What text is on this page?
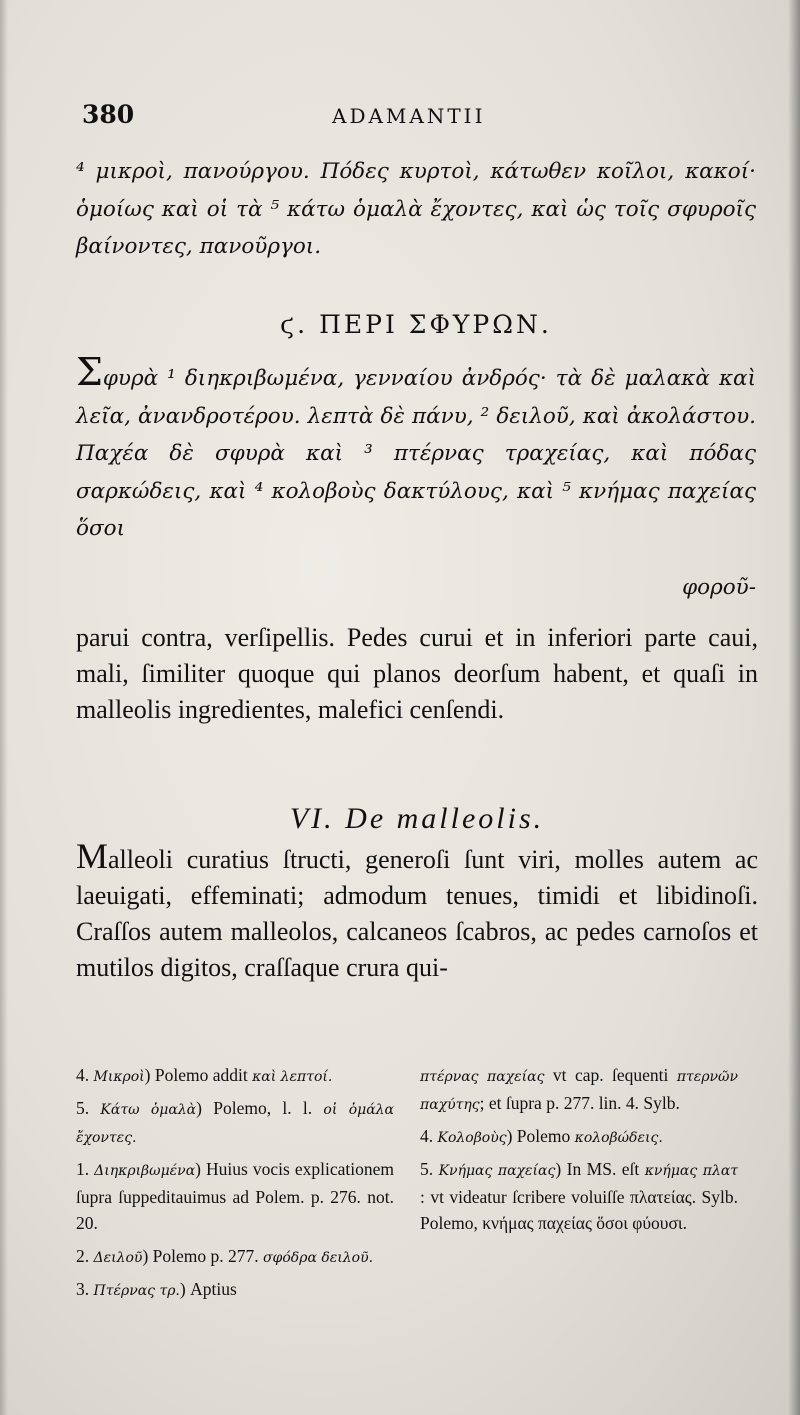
380	ADAMANTII

⁴ μικροὶ, πανούργου. Πόδες κυρτοὶ, κάτωθεν κοῖλοι, κακοί· ὁμοίως καὶ οἱ τὰ ⁵ κάτω ὁμαλὰ ἔχοντες, καὶ ὡς τοῖς σφυροῖς βαίνοντες, πανοῦργοι.

ϛ. ΠΕΡΙ ΣΦΥΡΩΝ.

Σφυρὰ ¹ διηκριβωμένα, γενναίου ἀνδρός· τὰ δὲ μαλακὰ καὶ λεῖα, ἀνανδροτέρου. λεπτὰ δὲ πάνυ, ² δειλοῦ, καὶ ἀκολάστου. Παχέα δὲ σφυρὰ καὶ ³ πτέρνας τραχείας, καὶ πόδας σαρκώδεις, καὶ ⁴ κολοβοὺς δακτύλους, καὶ ⁵ κνήμας παχείας ὅσοι

φοροῦ-

parui contra, verſipellis. Pedes curui et in inferiori parte caui, mali, ſimiliter quoque qui planos deorſum habent, et quaſi in malleolis ingredientes, malefici cenſendi.

VI. De malleolis.

Malleoli curatius ſtructi, generoſi ſunt viri, molles autem ac laeuigati, effeminati; admodum tenues, timidi et libidinoſi. Craſſos autem malleolos, calcaneos ſcabros, ac pedes carnoſos et mutilos digitos, craſſaque crura qui-

4. Μικροὶ) Polemo addit καὶ λεπτοί.

5. Κάτω ὁμαλὰ) Polemo, l. l. οἱ ὁμάλα ἔχοντες.

1. Διηκριβωμένα) Huius vocis explicationem ſupra ſuppeditauimus ad Polem. p. 276. not. 20.

2. Δειλοῦ) Polemo p. 277. σφόδρα δειλοῦ.

3. Πτέρνας τρ.) Aptius

πτέρνας παχείας vt cap. ſequenti πτερνῶν παχύτης; et ſupra p. 277. lin. 4. Sylb.

4. Κολοβοὺς) Polemo κολοβώδεις.

5. Κνήμας παχείας) In MS. eſt κνήμας πλατ : vt videatur ſcribere voluiſſe πλατείας. Sylb. Polemo, κνήμας παχείας ὅσοι φύουσι.
